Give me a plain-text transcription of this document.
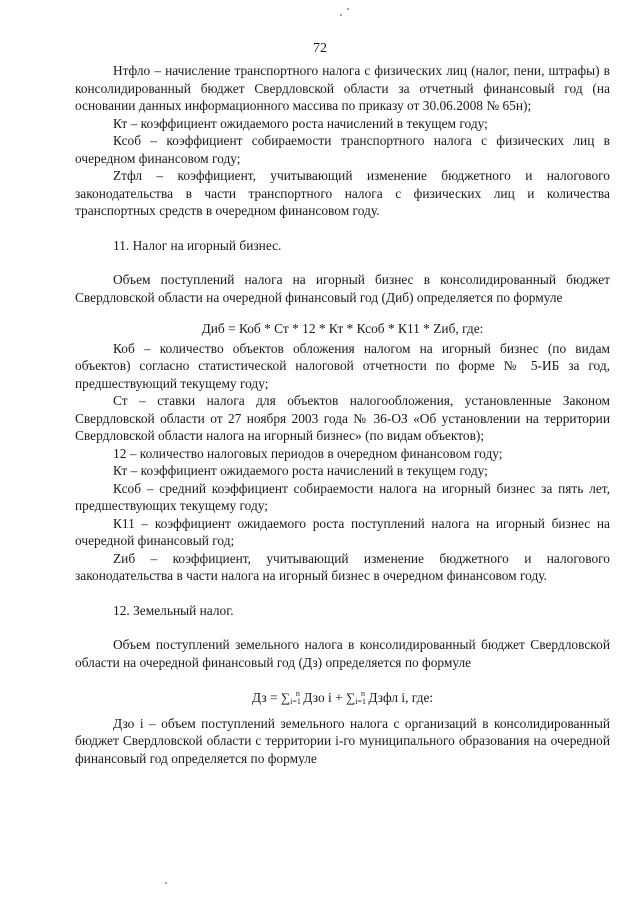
72

Нтфло – начисление транспортного налога с физических лиц (налог, пени, штрафы) в консолидированный бюджет Свердловской области за отчетный финансовый год (на основании данных информационного массива по приказу от 30.06.2008 № 65н);

Кт – коэффициент ожидаемого роста начислений в текущем году;

Ксоб – коэффициент собираемости транспортного налога с физических лиц в очередном финансовом году;

Zтфл – коэффициент, учитывающий изменение бюджетного и налогового законодательства в части транспортного налога с физических лиц и количества транспортных средств в очередном финансовом году.

11. Налог на игорный бизнес.

Объем поступлений налога на игорный бизнес в консолидированный бюджет Свердловской области на очередной финансовый год (Диб) определяется по формуле

Диб = Коб * Ст * 12 * Кт * Ксоб * К11 * Zиб, где:

Коб – количество объектов обложения налогом на игорный бизнес (по видам объектов) согласно статистической налоговой отчетности по форме № 5-ИБ за год, предшествующий текущему году;

Ст – ставки налога для объектов налогообложения, установленные Законом Свердловской области от 27 ноября 2003 года № 36-ОЗ «Об установлении на территории Свердловской области налога на игорный бизнес» (по видам объектов);

12 – количество налоговых периодов в очередном финансовом году;

Кт – коэффициент ожидаемого роста начислений в текущем году;

Ксоб – средний коэффициент собираемости налога на игорный бизнес за пять лет, предшествующих текущему году;

К11 – коэффициент ожидаемого роста поступлений налога на игорный бизнес на очередной финансовый год;

Zиб – коэффициент, учитывающий изменение бюджетного и налогового законодательства в части налога на игорный бизнес в очередном финансовом году.

12. Земельный налог.

Объем поступлений земельного налога в консолидированный бюджет Свердловской области на очередной финансовый год (Дз) определяется по формуле

Дз = $\sum_{i=1}^n$ Дзо $i + \sum_{i=1}^n$ Дзфл i, где:

Дзо i – объем поступлений земельного налога с организаций в консолидированный бюджет Свердловской области с территории i-го муниципального образования на очередной финансовый год определяется по формуле
